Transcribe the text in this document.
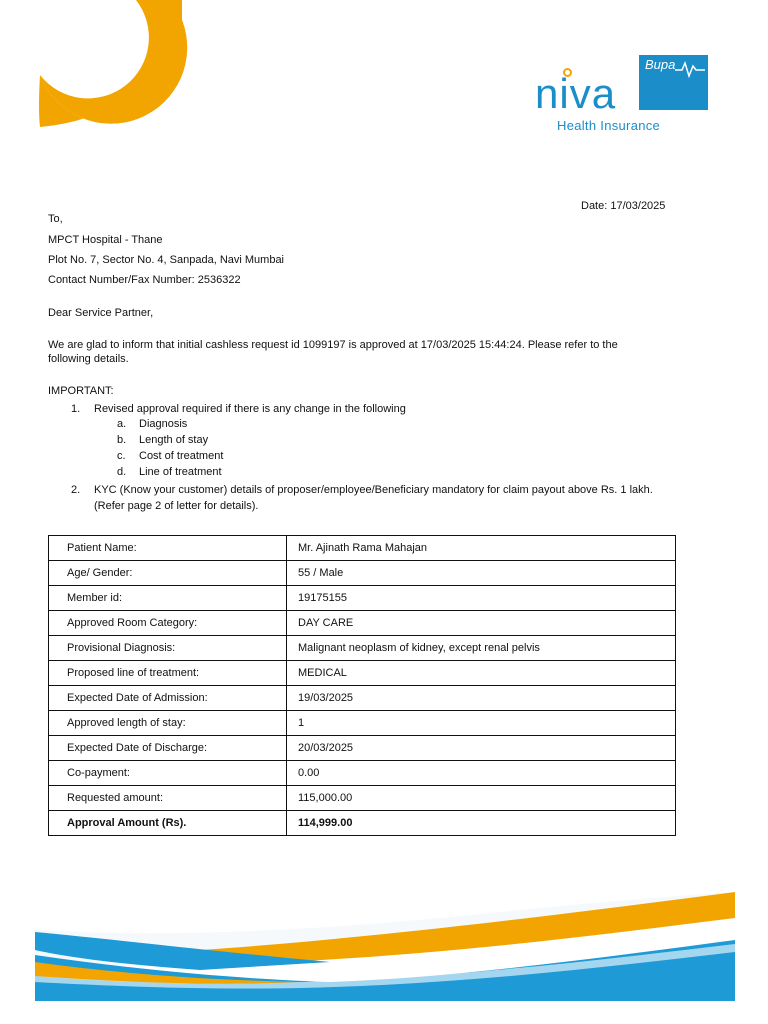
Bupa
niva
Health Insurance
Date: 17/03/2025
To,
MPCT Hospital - Thane
Plot No. 7, Sector No. 4, Sanpada, Navi Mumbai
Contact Number/Fax Number: 2536322
Dear Service Partner,
We are glad to inform that initial cashless request id 1099197 is approved at 17/03/2025 15:44:24. Please refer to the
following details.
IMPORTANT:
1. Revised approval required if there is any change in the following
a. Diagnosis
b. Length of stay
c. Cost of treatment
d. Line of treatment
2. KYC (Know your customer) details of proposer/employee/Beneficiary mandatory for claim payout above Rs. 1 lakh.
(Refer page 2 of letter for details).
Patient Name:	Mr. Ajinath Rama Mahajan
Age/ Gender:	55 / Male
Member id:	19175155
Approved Room Category:	DAY CARE
Provisional Diagnosis:	Malignant neoplasm of kidney, except renal pelvis
Proposed line of treatment:	MEDICAL
Expected Date of Admission:	19/03/2025
Approved length of stay:	1
Expected Date of Discharge:	20/03/2025
Co-payment:	0.00
Requested amount:	115,000.00
Approval Amount (Rs).	114,999.00
